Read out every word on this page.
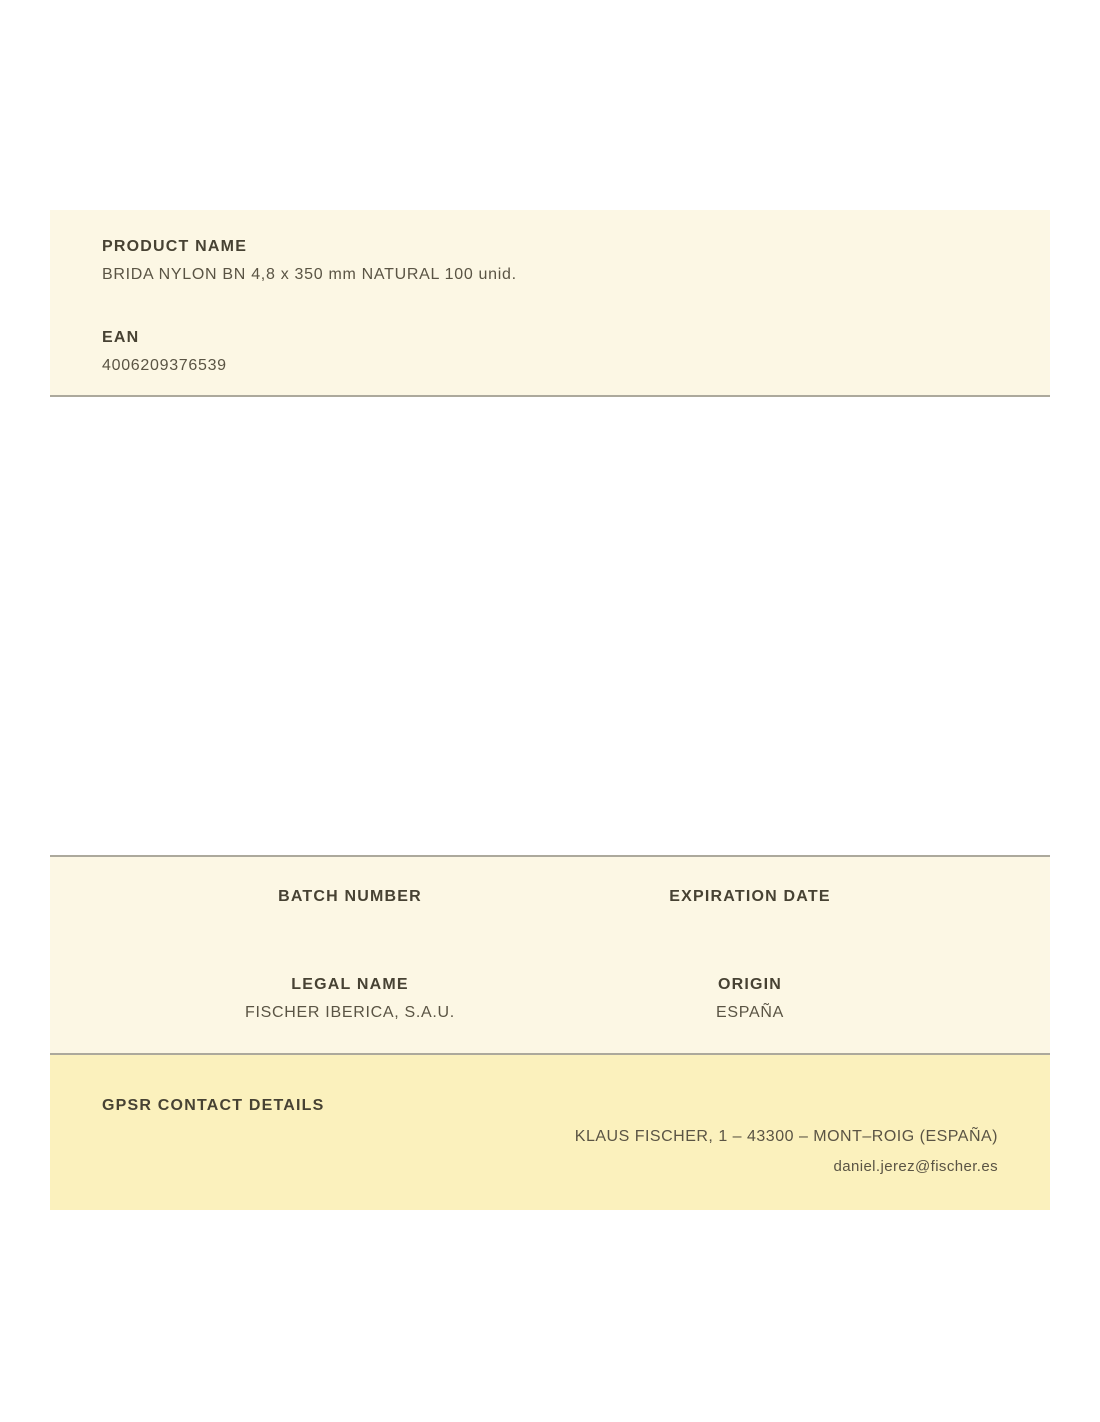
PRODUCT NAME
BRIDA NYLON BN 4,8 x 350 mm NATURAL 100 unid.
EAN
4006209376539
BATCH NUMBER	EXPIRATION DATE
LEGAL NAME
FISCHER IBERICA, S.A.U.
ORIGIN
ESPAÑA
GPSR CONTACT DETAILS
KLAUS FISCHER, 1 – 43300 – MONT–ROIG (ESPAÑA)
daniel.jerez@fischer.es
